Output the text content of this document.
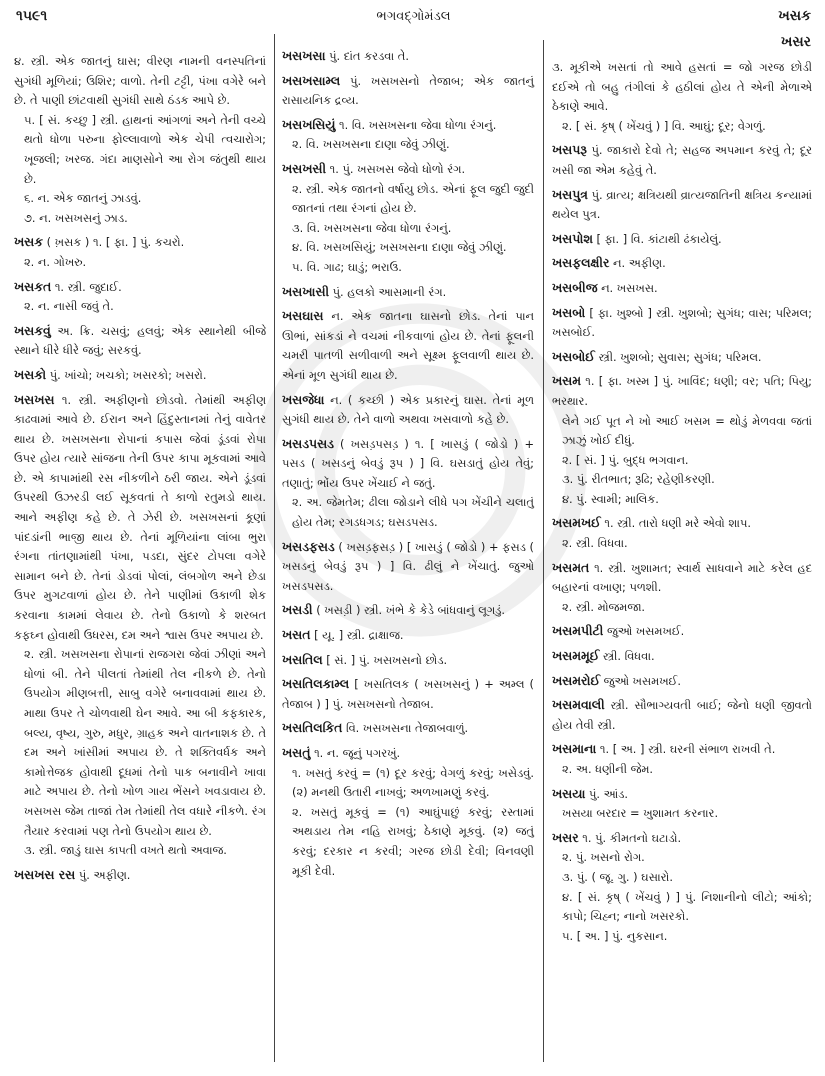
૧૫૯૧	ભગવદ્ગોમંડલ	ખસક
ખસર

૪. સ્ત્રી. એક જાતનું ઘાસ; વીરણ નામની વનસ્પતિનાં સુગંધી મૂળિયાં; ઉશિર; વાળો. તેની ટટ્ટી, પંખા વગેરે બને છે. તે પાણી છાંટવાથી સુગંધી સાથે ઠંડક આપે છે.

૫. [ સં. કચ્છુ ] સ્ત્રી. હાથનાં આંગળાં અને તેની વચ્ચે થતો ધોળા પરુના ફોલ્લાવાળો એક ચેપી ત્વચારોગ; ખૂજલી; ખરજ. ગંદા માણસોને આ રોગ જંતુથી થાય છે.

૬. ન. એક જાતનું ઝાડવું.

૭. ન. ખસખસનું ઝાડ.

ખસક ( ખ઼સક ) ૧. [ ફા. ] પું. કચરો.

૨. ન. ગોખરુ.

ખસકત ૧. સ્ત્રી. જુદાઈ.

૨. ન. નાસી જવું તે.

ખસકવું અ. ક્રિ. ચસવું; હલવું; એક સ્થાનેથી બીજે સ્થાને ધીરે ધીરે જવું; સરકવું.

ખસકો પું. ખાંચો; ખચકો; ખસરકો; ખસરો.

ખસખસ ૧. સ્ત્રી. અફીણનો છોડવો. તેમાંથી અફીણ કાઢવામાં આવે છે. ઈરાન અને હિંદુસ્તાનમાં તેનું વાવેતર થાય છે. ખસખસના રોપાનાં કપાસ જેવાં ડૂંડવાં રોપા ઉપર હોય ત્યારે સાંજના તેની ઉપર કાપા મૂકવામાં આવે છે. એ કાપામાંથી રસ નીકળીને ઠરી જાય. એને ડૂંડવાં ઉપરથી ઉઝરડી લઈ સૂકવતાં તે કાળો રતુમડો થાય. આને અફીણ કહે છે. તે ઝેરી છે. ખસખસનાં કૂણાં પાંદડાંની ભાજી થાય છે. તેનાં મૂળિયાંના લાંબા ભુરા રંગના તાંતણામાંથી પંખા, પડદા, સુંદર ટોપલા વગેરે સામાન બને છે. તેનાં ડોડવાં પોલાં, લંબગોળ અને છેડા ઉપર મુગટવાળાં હોય છે. તેને પાણીમાં ઉકાળી શેક કરવાના કામમાં લેવાય છે. તેનો ઉકાળો કે શરબત કફઘ્ન હોવાથી ઉધરસ, દમ અને શ્વાસ ઉપર અપાય છે.

૨. સ્ત્રી. ખસખસના રોપાનાં રાજગરા જેવાં ઝીણાં અને ધોળાં બી. તેને પીલતાં તેમાંથી તેલ નીકળે છે. તેનો ઉપયોગ મીણબત્તી, સાબુ વગેરે બનાવવામાં થાય છે. માથા ઉપર તે ચોળવાથી ઘેન આવે. આ બી કફકારક, બલ્ય, વૃષ્ય, ગુરુ, મધુર, ગ્રાહક અને વાતનાશક છે. તે દમ અને ખાંસીમાં અપાય છે. તે શક્તિવર્ધક અને કામોત્તેજક હોવાથી દૂધમાં તેનો પાક બનાવીને ખાવા માટે અપાય છે. તેનો ખોળ ગાય ભેંસને ખવડાવાય છે. ખસખસ જેમ તાજાં તેમ તેમાંથી તેલ વધારે નીકળે. રંગ તૈયાર કરવામાં પણ તેનો ઉપયોગ થાય છે.

૩. સ્ત્રી. જાડું ઘાસ કાપતી વખતે થતો અવાજ.

ખસખસ રસ પું. અફીણ.

ખસખસા પું. દાંત કરડવા તે.

ખસખસામ્લ પું. ખસખસનો તેજાબ; એક જાતનું રાસાયનિક દ્રવ્ય.

ખસખસિયું ૧. વિ. ખસખસના જેવા ધોળા રંગનું.

૨. વિ. ખસખસના દાણા જેવું ઝીણું.

ખસખસી ૧. પું. ખસખસ જેવો ધોળો રંગ.

૨. સ્ત્રી. એક જાતનો વર્ષાયુ છોડ. એનાં ફૂલ જુદી જુદી જાતનાં તથા રંગનાં હોય છે.

૩. વિ. ખસખસના જેવા ધોળા રંગનું.

૪. વિ. ખસખસિયું; ખસખસના દાણા જેવું ઝીણું.

૫. વિ. ગાઢ; ઘાડું; ભરાઉ.

ખસખાસી પું. હલકો આસમાની રંગ.

ખસઘાસ ન. એક જાતના ઘાસનો છોડ. તેનાં પાન ઊભાં, સાંકડાં ને વચમાં નીકવાળાં હોય છે. તેનાં ફૂલની ચમરી પાતળી સળીવાળી અને સૂક્ષ્મ ફૂલવાળી થાય છે. એનાં મૂળ સુગંધી થાય છે.

ખસજેધા ન. ( કચ્છી ) એક પ્રકારનું ઘાસ. તેનાં મૂળ સુગંધી થાય છે. તેને વાળો અથવા ખસવાળો કહે છે.

ખસડપસડ ( ખસડ઼પસડ઼ ) ૧. [ ખાસડું ( જોડો ) + પસડ ( ખસડનું બેવડું રૂપ ) ] વિ. ઘસડાતું હોય તેવું; તણાતું; ભોંય ઉપર ખેંચાઈ ને જતું.

૨. અ. જેમતેમ; ઢીલા જોડાને લીધે પગ ખેંચીને ચલાતું હોય તેમ; રગડધગડ; ઘસડપસડ.

ખસડફસડ ( ખસડ઼ફસડ઼ ) [ ખાસડું ( જોડો ) + ફસડ ( ખસડનું બેવડું રૂપ ) ] વિ. ઢીલું ને ખેંચાતું. જુઓ ખસડપસડ.

ખસડી ( ખસડ઼ી ) સ્ત્રી. ખંભે કે કેડે બાંધવાનું લૂગડું.

ખસત [ યૂ. ] સ્ત્રી. દ્રાક્ષાજ.

ખસતિલ [ સં. ] પું. ખસખસનો છોડ.

ખસતિલકામ્લ [ ખસતિલક ( ખસખસનું ) + અમ્લ ( તેજાબ ) ] પું. ખસખસનો તેજાબ.

ખસતિલકિત વિ. ખસખસના તેજાબવાળું.

ખસતું ૧. ન. જૂનું પગરખું.

૧. ખસતું કરવું = (૧) દૂર કરવું; વેગળું કરવું; ખસેડવું. (૨) મનથી ઉતારી નાખવું; અળખામણું કરવું.

૨. ખસતું મૂકવું = (૧) આઘુંપાછું કરવું; રસ્તામાં અથડાય તેમ નહિ રાખવું; ઠેકાણે મૂકવું. (૨) જતું કરવું; દરકાર ન કરવી; ગરજ છોડી દેવી; વિનવણી મૂકી દેવી.

૩. મૂકીએ ખસતાં તો આવે હસતાં = જો ગરજ છોડી દઈએ તો બહુ તંગીલાં કે હઠીલાં હોય તે એની મેળાએ ઠેકાણે આવે.

૨. [ સં. કૃષ્ ( ખેંચવું ) ] વિ. આઘું; દૂર; વેગળું.

ખસપરૂ પું. જાકારો દેવો તે; સહજ અપમાન કરવું તે; દૂર ખસી જા એમ કહેવું તે.

ખસપુત્ર પું. વ્રાત્ય; ક્ષત્રિયથી વ્રાત્યજાતિની ક્ષત્રિય કન્યામાં થયેલ પુત્ર.

ખસપોશ [ ફા. ] વિ. કાંટાથી ઢંકાયેલું.

ખસફલક્ષીર ન. અફીણ.

ખસબીજ ન. ખસખસ.

ખસબો [ ફા. ખુશ્બો ] સ્ત્રી. ખુશબો; સુગંધ; વાસ; પરિમલ; ખસબોઈ.

ખસબોઈ સ્ત્રી. ખુશબો; સુવાસ; સુગંધ; પરિમલ.

ખસમ ૧. [ ફા. ખસ્મ ] પું. ખાવિંદ; ધણી; વર; પતિ; પિયુ; ભરથાર.

લેને ગઈ પૂત ને ખો આઈ ખસમ = થોડું મેળવવા જતાં ઝાઝું ખોઈ દીધું.

૨. [ સં. ] પું. બુદ્ધ ભગવાન.

૩. પું. રીતભાત; રૂઢિ; રહેણીકરણી.

૪. પું. સ્વામી; માલિક.

ખસમખઈ ૧. સ્ત્રી. તારો ધણી મરે એવો શાપ.

૨. સ્ત્રી. વિધવા.

ખસમત ૧. સ્ત્રી. ખુશામત; સ્વાર્થ સાધવાને માટે કરેલ હદ બહારનાં વખાણ; પળશી.

૨. સ્ત્રી. મોજમજા.

ખસમપીટી જુઓ ખસમખઈ.

ખસમમૂઈ સ્ત્રી. વિધવા.

ખસમરોઈ જુઓ ખસમખઈ.

ખસમવાલી સ્ત્રી. સૌભાગ્યવતી બાઈ; જેનો ધણી જીવતો હોય તેવી સ્ત્રી.

ખસમાના ૧. [ અ. ] સ્ત્રી. ઘરની સંભાળ રાખવી તે.

૨. અ. ધણીની જેમ.

ખસયા પું. આંડ.

ખસયા બરદાર = ખુશામત કરનાર.

ખસર ૧. પું. કીમતનો ઘટાડો.

૨. પું. ખસનો રોગ.

૩. પું. ( જૂ. ગુ. ) ઘસારો.

૪. [ સં. કૃષ્ ( ખેંચવું ) ] પું. નિશાનીનો લીટો; આંકો; કાપો; ચિહ્ન; નાનો ખસરકો.

૫. [ અ. ] પું. નુકસાન.
